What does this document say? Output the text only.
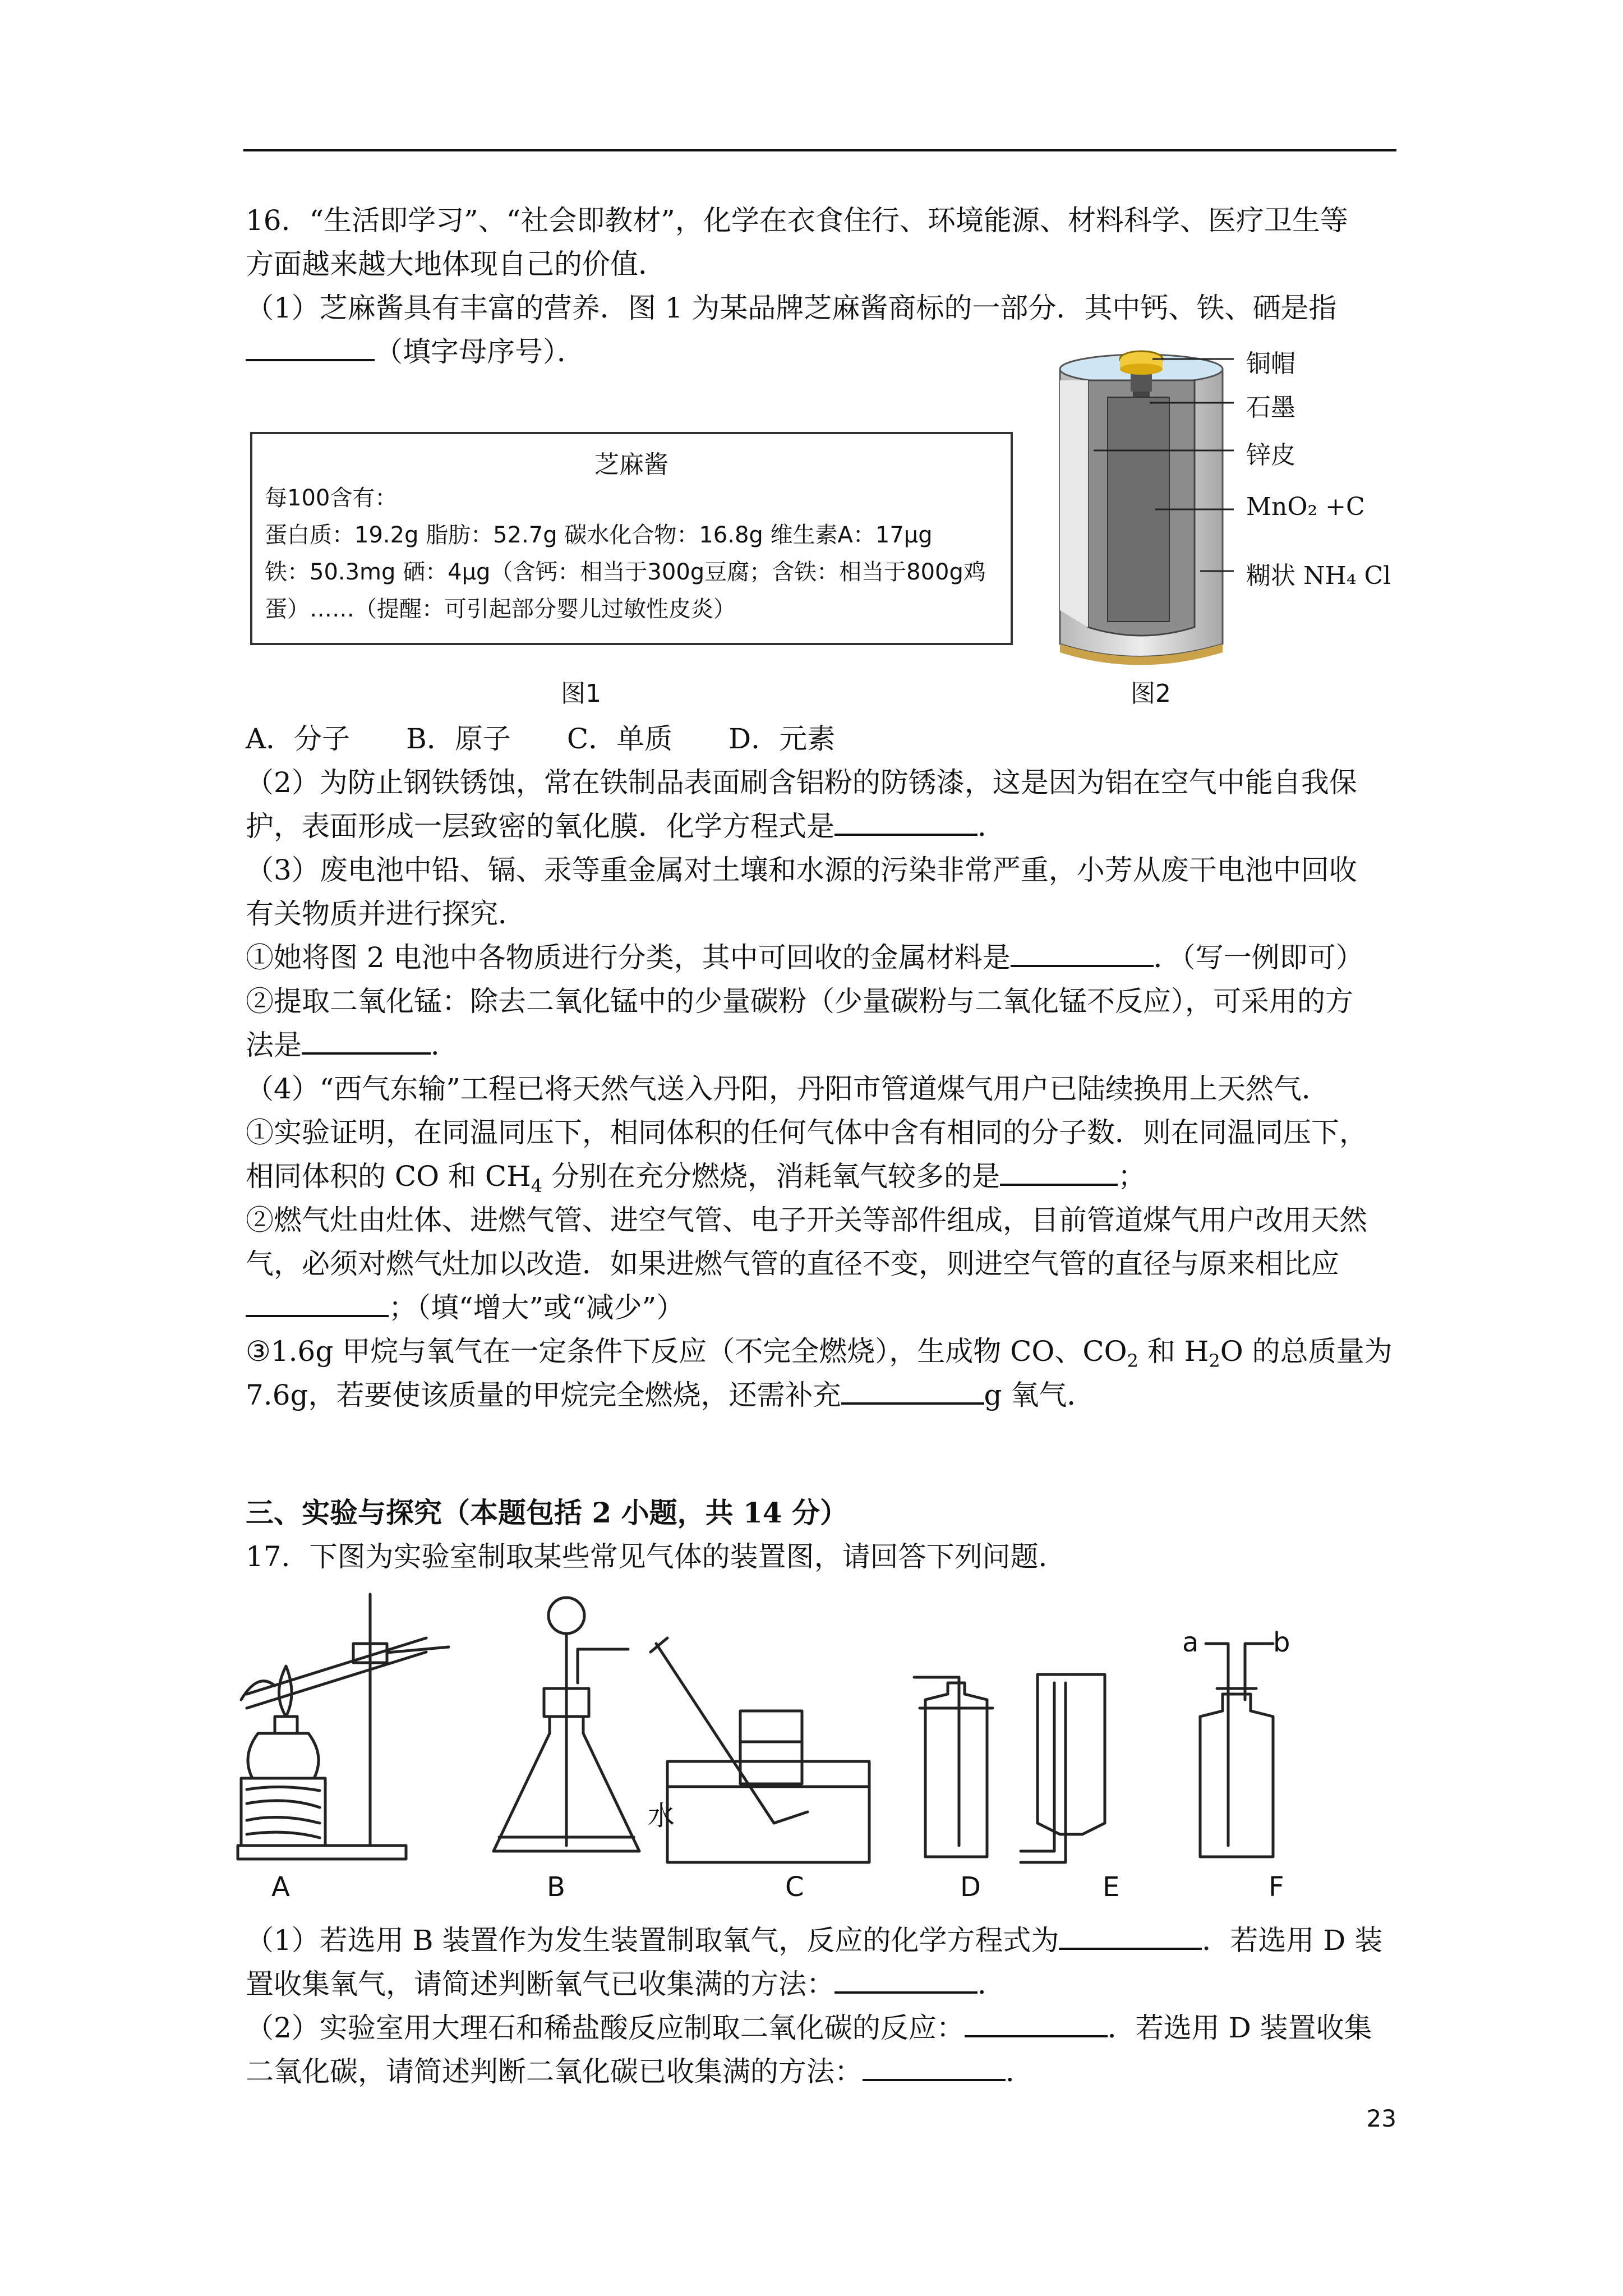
16．“生活即学习”、“社会即教材”，化学在衣食住行、环境能源、材料科学、医疗卫生等
方面越来越大地体现自己的价值．
（1）芝麻酱具有丰富的营养．图 1 为某品牌芝麻酱商标的一部分．其中钙、铁、硒是指
（填字母序号）．
芝麻酱
每100含有：
蛋白质：19.2g 脂肪：52.7g 碳水化合物：16.8g 维生素A：17μg
铁：50.3mg 硒：4μg（含钙：相当于300g豆腐；含铁：相当于800g鸡
蛋）……（提醒：可引起部分婴儿过敏性皮炎）
图1
铜帽
石墨
锌皮
MnO₂ +C
糊状 NH₄ Cl
图2
A．分子　　B．原子　　C．单质　　D．元素
（2）为防止钢铁锈蚀，常在铁制品表面刷含铝粉的防锈漆，这是因为铝在空气中能自我保
护，表面形成一层致密的氧化膜．化学方程式是	．
（3）废电池中铅、镉、汞等重金属对土壤和水源的污染非常严重，小芳从废干电池中回收
有关物质并进行探究．
①她将图 2 电池中各物质进行分类，其中可回收的金属材料是	．（写一例即可）
②提取二氧化锰：除去二氧化锰中的少量碳粉（少量碳粉与二氧化锰不反应），可采用的方
法是	．
（4）“西气东输”工程已将天然气送入丹阳，丹阳市管道煤气用户已陆续换用上天然气．
①实验证明，在同温同压下，相同体积的任何气体中含有相同的分子数．则在同温同压下，
相同体积的 CO 和 $CH_4$ 分别在充分燃烧，消耗氧气较多的是	；
②燃气灶由灶体、进燃气管、进空气管、电子开关等部件组成，目前管道煤气用户改用天然
气，必须对燃气灶加以改造．如果进燃气管的直径不变，则进空气管的直径与原来相比应
；（填“增大”或“减少”）
③1.6g 甲烷与氧气在一定条件下反应（不完全燃烧），生成物 CO、$CO_2$ 和 $H_2O$ 的总质量为
7.6g，若要使该质量的甲烷完全燃烧，还需补充	g 氧气．
三、实验与探究（本题包括 2 小题，共 14 分）
17．下图为实验室制取某些常见气体的装置图，请回答下列问题．
A	B	C	D	E	F
水
a	b
（1）若选用 B 装置作为发生装置制取氧气，反应的化学方程式为	．若选用 D 装
置收集氧气，请简述判断氧气已收集满的方法：	．
（2）实验室用大理石和稀盐酸反应制取二氧化碳的反应：	．若选用 D 装置收集
二氧化碳，请简述判断二氧化碳已收集满的方法：	．
23
